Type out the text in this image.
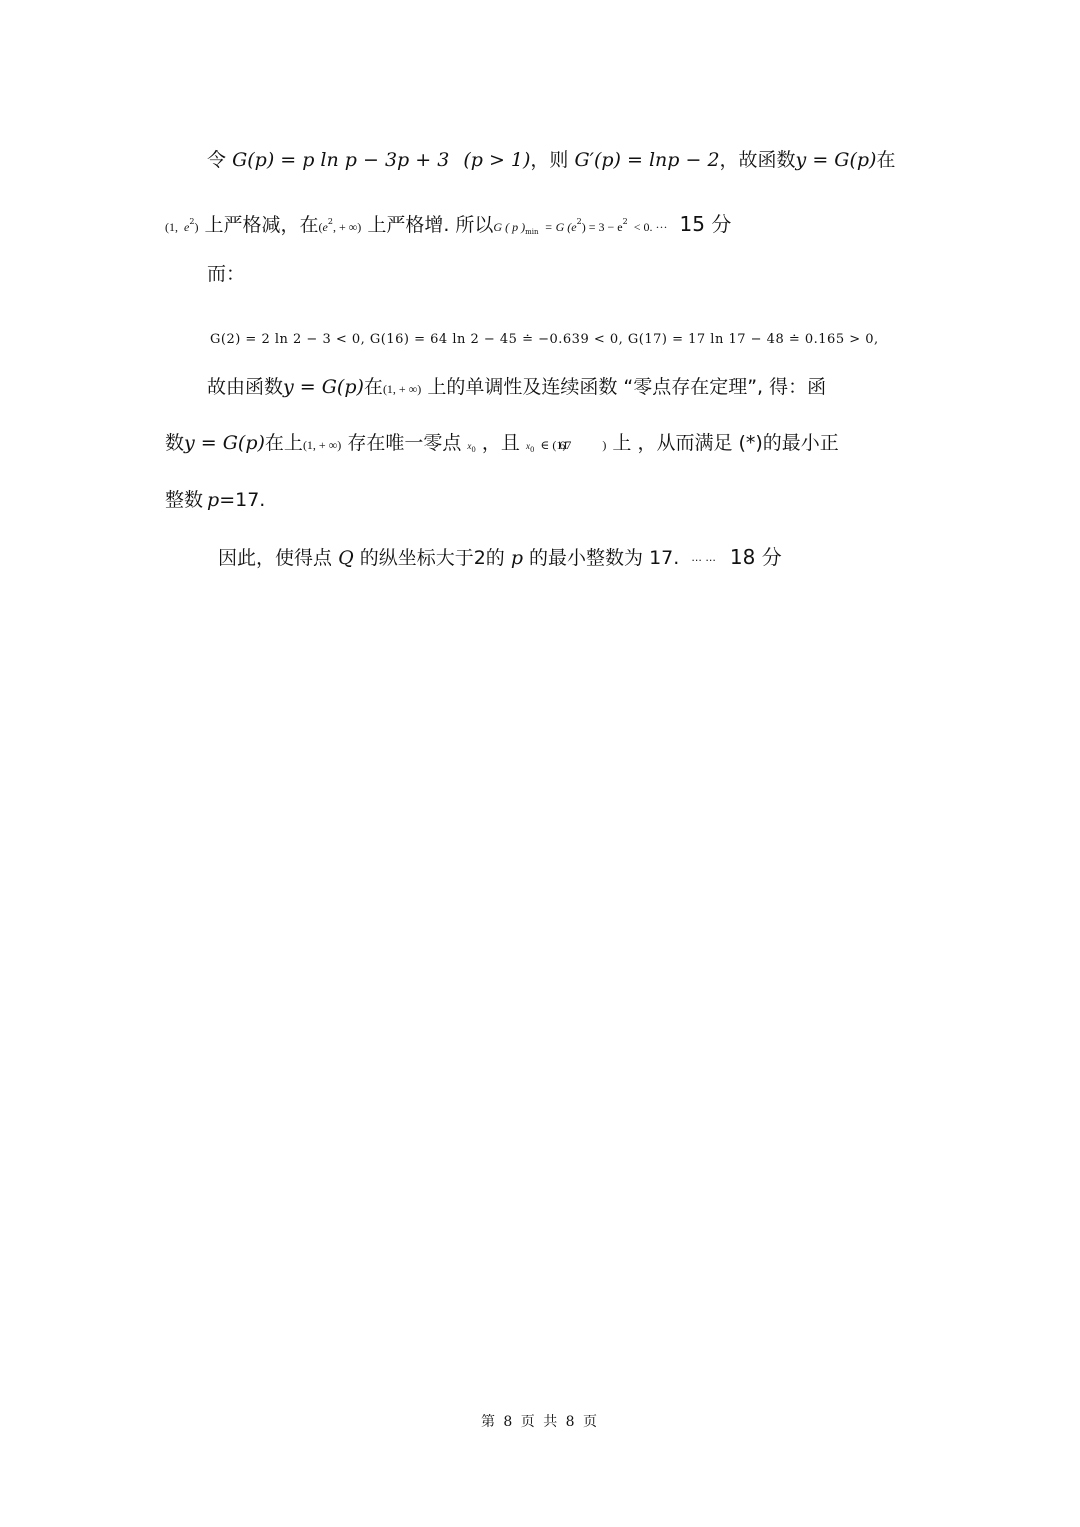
令 G(p) = p ln p − 3p + 3 (p > 1)，则 G′(p) = lnp − 2，故函数y = G(p)在
(1, $e^2$) 上严格减，在($e^2$, + ∞) 上严格增. 所以G ( p )$_{min} = G$ $(e^2) = 3 - e^2 < 0$. ··· 15 分
而：
G(2) = 2 ln 2 − 3 < 0, G(16) = 64 ln 2 − 45 ≐ −0.639 < 0, G(17) = 17 ln 17 − 48 ≐ 0.165 > 0,
故由函数y = G(p)在(1, + ∞) 上的单调性及连续函数 “零点存在定理”, 得：函
数y = G(p)在上(1, + ∞) 存在唯一零点 $x_0$ ，且 $x_0$ ∈ (16,17	) 上 ，从而满足 (*)的最小正
整数 p=17.
因此，使得点 Q 的纵坐标大于2的 p 的最小整数为 17. ··· ··· 18 分
第 8 页 共 8 页
